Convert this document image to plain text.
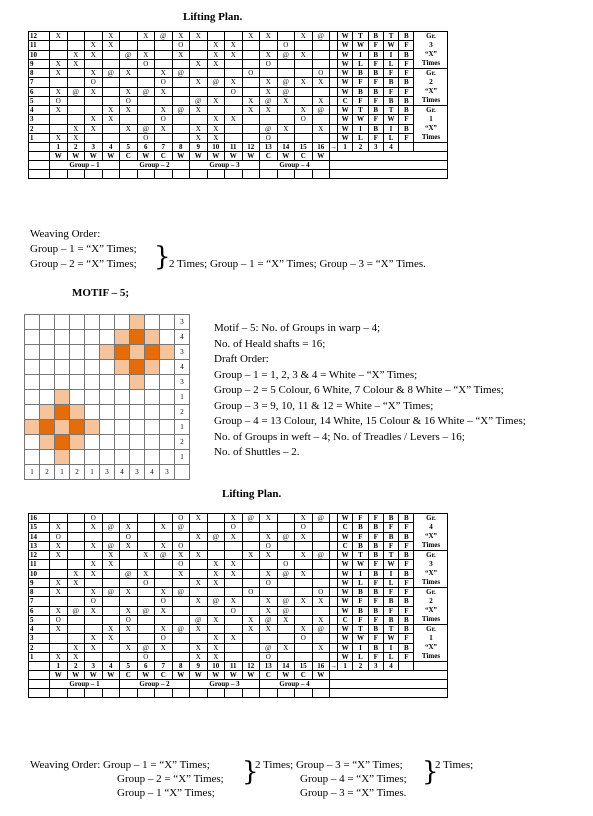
Lifting Plan.
12	X			X		X	@	X	X			X	X		X	@		W	T	B	T	B	Gr.
3
“X”
Times
11			X	X				O		X	X			O				W	W	F	W	F	
10		X	X		@	X		X		X	X		X	@	X			W	I	B	I	B	
9	X	X				O			X	X			O					W	L	F	L	F	
8	X		X	@	X		X	@				O				O		W	B	B	F	F	Gr.
2
“X”
Times
7			O				O		X	@	X		X	@	X	X		W	F	F	B	B	
6	X	@	X		X	@	X				O		X	@				W	B	B	F	F	
5	O				O				@	X		X	@	X		X		C	F	F	B	B	
4	X			X	X		X	@	X			X	X		X	@		W	T	B	T	B	Gr.
1
“X”
Times
3			X	X			O			X	X				O			W	W	F	W	F	
2		X	X		X	@	X		X	X			@	X		X		W	I	B	I	B	
1	X	X				O			X	X			O					W	L	F	L	F	
	1	2	3	4	5	6	7	8	9	10	11	12	13	14	15	16	→	1	2	3	4		
	W	W	W	W	C	W	C	W	W	W	W	W	C	W	C	W							
	Group – 1				Group – 2				Group – 3				Group – 4										

Weaving Order:
Group – 1 = “X” Times;
Group – 2 = “X” Times; }
2 Times; Group – 1 = “X” Times; Group – 3 = “X” Times.
MOTIF – 5;
										3
										4
										3
										4
										3
										1
										2
										1
										2
										1
1	2	1	2	1	3	4	3	4	3	
Motif – 5: No. of Groups in warp – 4;
No. of Heald shafts = 16;
Draft Order:
Group – 1 = 1, 2, 3 & 4 = White – “X” Times;
Group – 2 = 5 Colour, 6 White, 7 Colour & 8 White – “X” Times;
Group – 3 = 9, 10, 11 & 12 = White – “X” Times;
Group – 4 = 13 Colour, 14 White, 15 Colour & 16 White – “X” Times;
No. of Groups in weft – 4; No. of Treadles / Levers – 16;
No. of Shuttles – 2.
Lifting Plan.
16			O					O	X		X	@	X		X	@		W	F	F	B	B	Gr.
4
“X”
Times
15	X		X	@	X		X	@			O				O			C	B	B	F	F	
14	O				O				X	@	X		X	@	X			W	F	F	B	B	
13	X		X	@	X		X	O					O					C	B	B	F	F	
12	X			X		X	@	X	X			X	X		X	@		W	T	B	T	B	Gr.
3
“X”
Times
11			X	X				O		X	X			O				W	W	F	W	F	
10		X	X		@	X		X		X	X		X	@	X			W	I	B	I	B	
9	X	X				O			X	X			O					W	L	F	L	F	
8	X		X	@	X		X	@				O				O		W	B	B	F	F	Gr.
2
“X”
Times
7			O				O		X	@	X		X	@	X	X		W	F	F	B	B	
6	X	@	X		X	@	X				O		X	@				W	B	B	F	F	
5	O				O				@	X		X	@	X		X		C	F	F	B	B	
4	X			X	X		X	@	X			X	X		X	@		W	T	B	T	B	Gr.
1
“X”
Times
3			X	X			O			X	X				O			W	W	F	W	F	
2		X	X		X	@	X		X	X			@	X		X		W	I	B	I	B	
1	X	X				O			X	X			O					W	L	F	L	F	
	1	2	3	4	5	6	7	8	9	10	11	12	13	14	15	16	→	1	2	3	4		
	W	W	W	W	C	W	C	W	W	W	W	W	C	W	C	W							
	Group – 1				Group – 2				Group – 3				Group – 4										

Weaving Order: Group – 1 = “X” Times; }
2 Times; Group – 3 = “X” Times; }
2 Times;
Group – 2 = “X” Times;	Group – 4 = “X” Times;
Group – 1 “X” Times;	Group – 3 = “X” Times.
